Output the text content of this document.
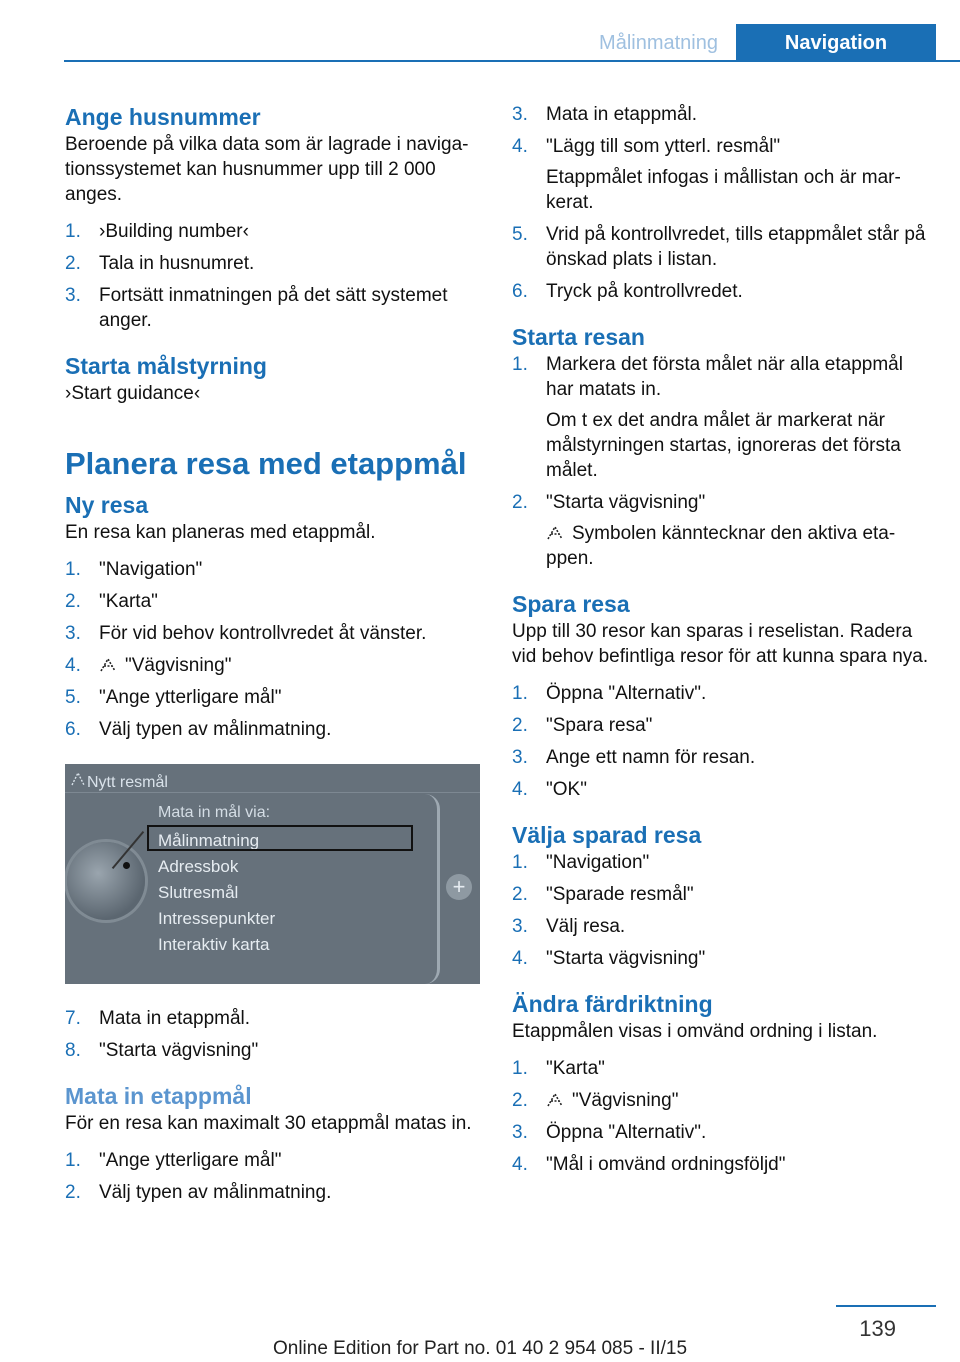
Målinmatning	Navigation
Ange husnummer

Beroende på vilka data som är lagrade i navigationssystemet kan husnummer upp till 2 000 anges.

1. ›Building number‹
2. Tala in husnumret.
3. Fortsätt inmatningen på det sätt systemet anger.
Starta målstyrning

›Start guidance‹

Planera resa med etappmål
Ny resa

En resa kan planeras med etappmål.

1. "Navigation"
2. "Karta"
3. För vid behov kontrollvredet åt vänster.
4. "Vägvisning"
5. "Ange ytterligare mål"
6. Välj typen av målinmatning.
Nytt resmål
Mata in mål via:
Målinmatning
Adressbok
Slutresmål
Intressepunkter
Interaktiv karta
+
7. Mata in etappmål.
8. "Starta vägvisning"
Mata in etappmål

För en resa kan maximalt 30 etappmål matas in.

1. "Ange ytterligare mål"
2. Välj typen av målinmatning.
3. Mata in etappmål.
4. "Lägg till som ytterl. resmål"
Etappmålet infogas i mållistan och är markerat.
5. Vrid på kontrollvredet, tills etappmålet står på önskad plats i listan.
6. Tryck på kontrollvredet.
Starta resan
1. Markera det första målet när alla etappmål har matats in.
Om t ex det andra målet är markerat när målstyrningen startas, ignoreras det första målet.
2. "Starta vägvisning"
Symbolen känntecknar den aktiva etappen.
Spara resa

Upp till 30 resor kan sparas i reselistan. Radera vid behov befintliga resor för att kunna spara nya.

1. Öppna "Alternativ".
2. "Spara resa"
3. Ange ett namn för resan.
4. "OK"
Välja sparad resa
1. "Navigation"
2. "Sparade resmål"
3. Välj resa.
4. "Starta vägvisning"
Ändra färdriktning

Etappmålen visas i omvänd ordning i listan.

1. "Karta"
2. "Vägvisning"
3. Öppna "Alternativ".
4. "Mål i omvänd ordningsföljd"
139
Online Edition for Part no. 01 40 2 954 085 - II/15
